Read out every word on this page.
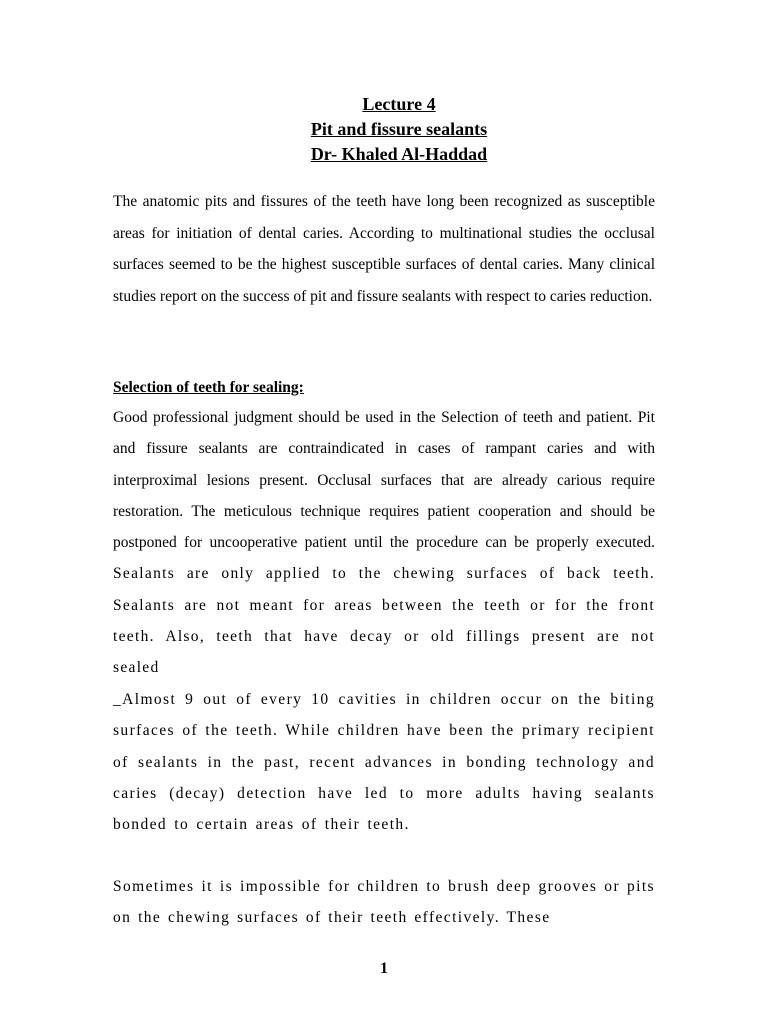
Lecture 4
Pit and fissure sealants
Dr- Khaled Al-Haddad

The anatomic pits and fissures of the teeth have long been recognized as susceptible areas for initiation of dental caries. According to multinational studies the occlusal surfaces seemed to be the highest susceptible surfaces of dental caries. Many clinical studies report on the success of pit and fissure sealants with respect to caries reduction.

Selection of teeth for sealing:

Good professional judgment should be used in the Selection of teeth and patient. Pit and fissure sealants are contraindicated in cases of rampant caries and with interproximal lesions present. Occlusal surfaces that are already carious require restoration. The meticulous technique requires patient cooperation and should be postponed for uncooperative patient until the procedure can be properly executed. Sealants are only applied to the chewing surfaces of back teeth. Sealants are not meant for areas between the teeth or for the front teeth. Also, teeth that have decay or old fillings present are not sealed

_Almost 9 out of every 10 cavities in children occur on the biting surfaces of the teeth. While children have been the primary recipient of sealants in the past, recent advances in bonding technology and caries (decay) detection have led to more adults having sealants bonded to certain areas of their teeth.

Sometimes it is impossible for children to brush deep grooves or pits on the chewing surfaces of their teeth effectively. These

1
